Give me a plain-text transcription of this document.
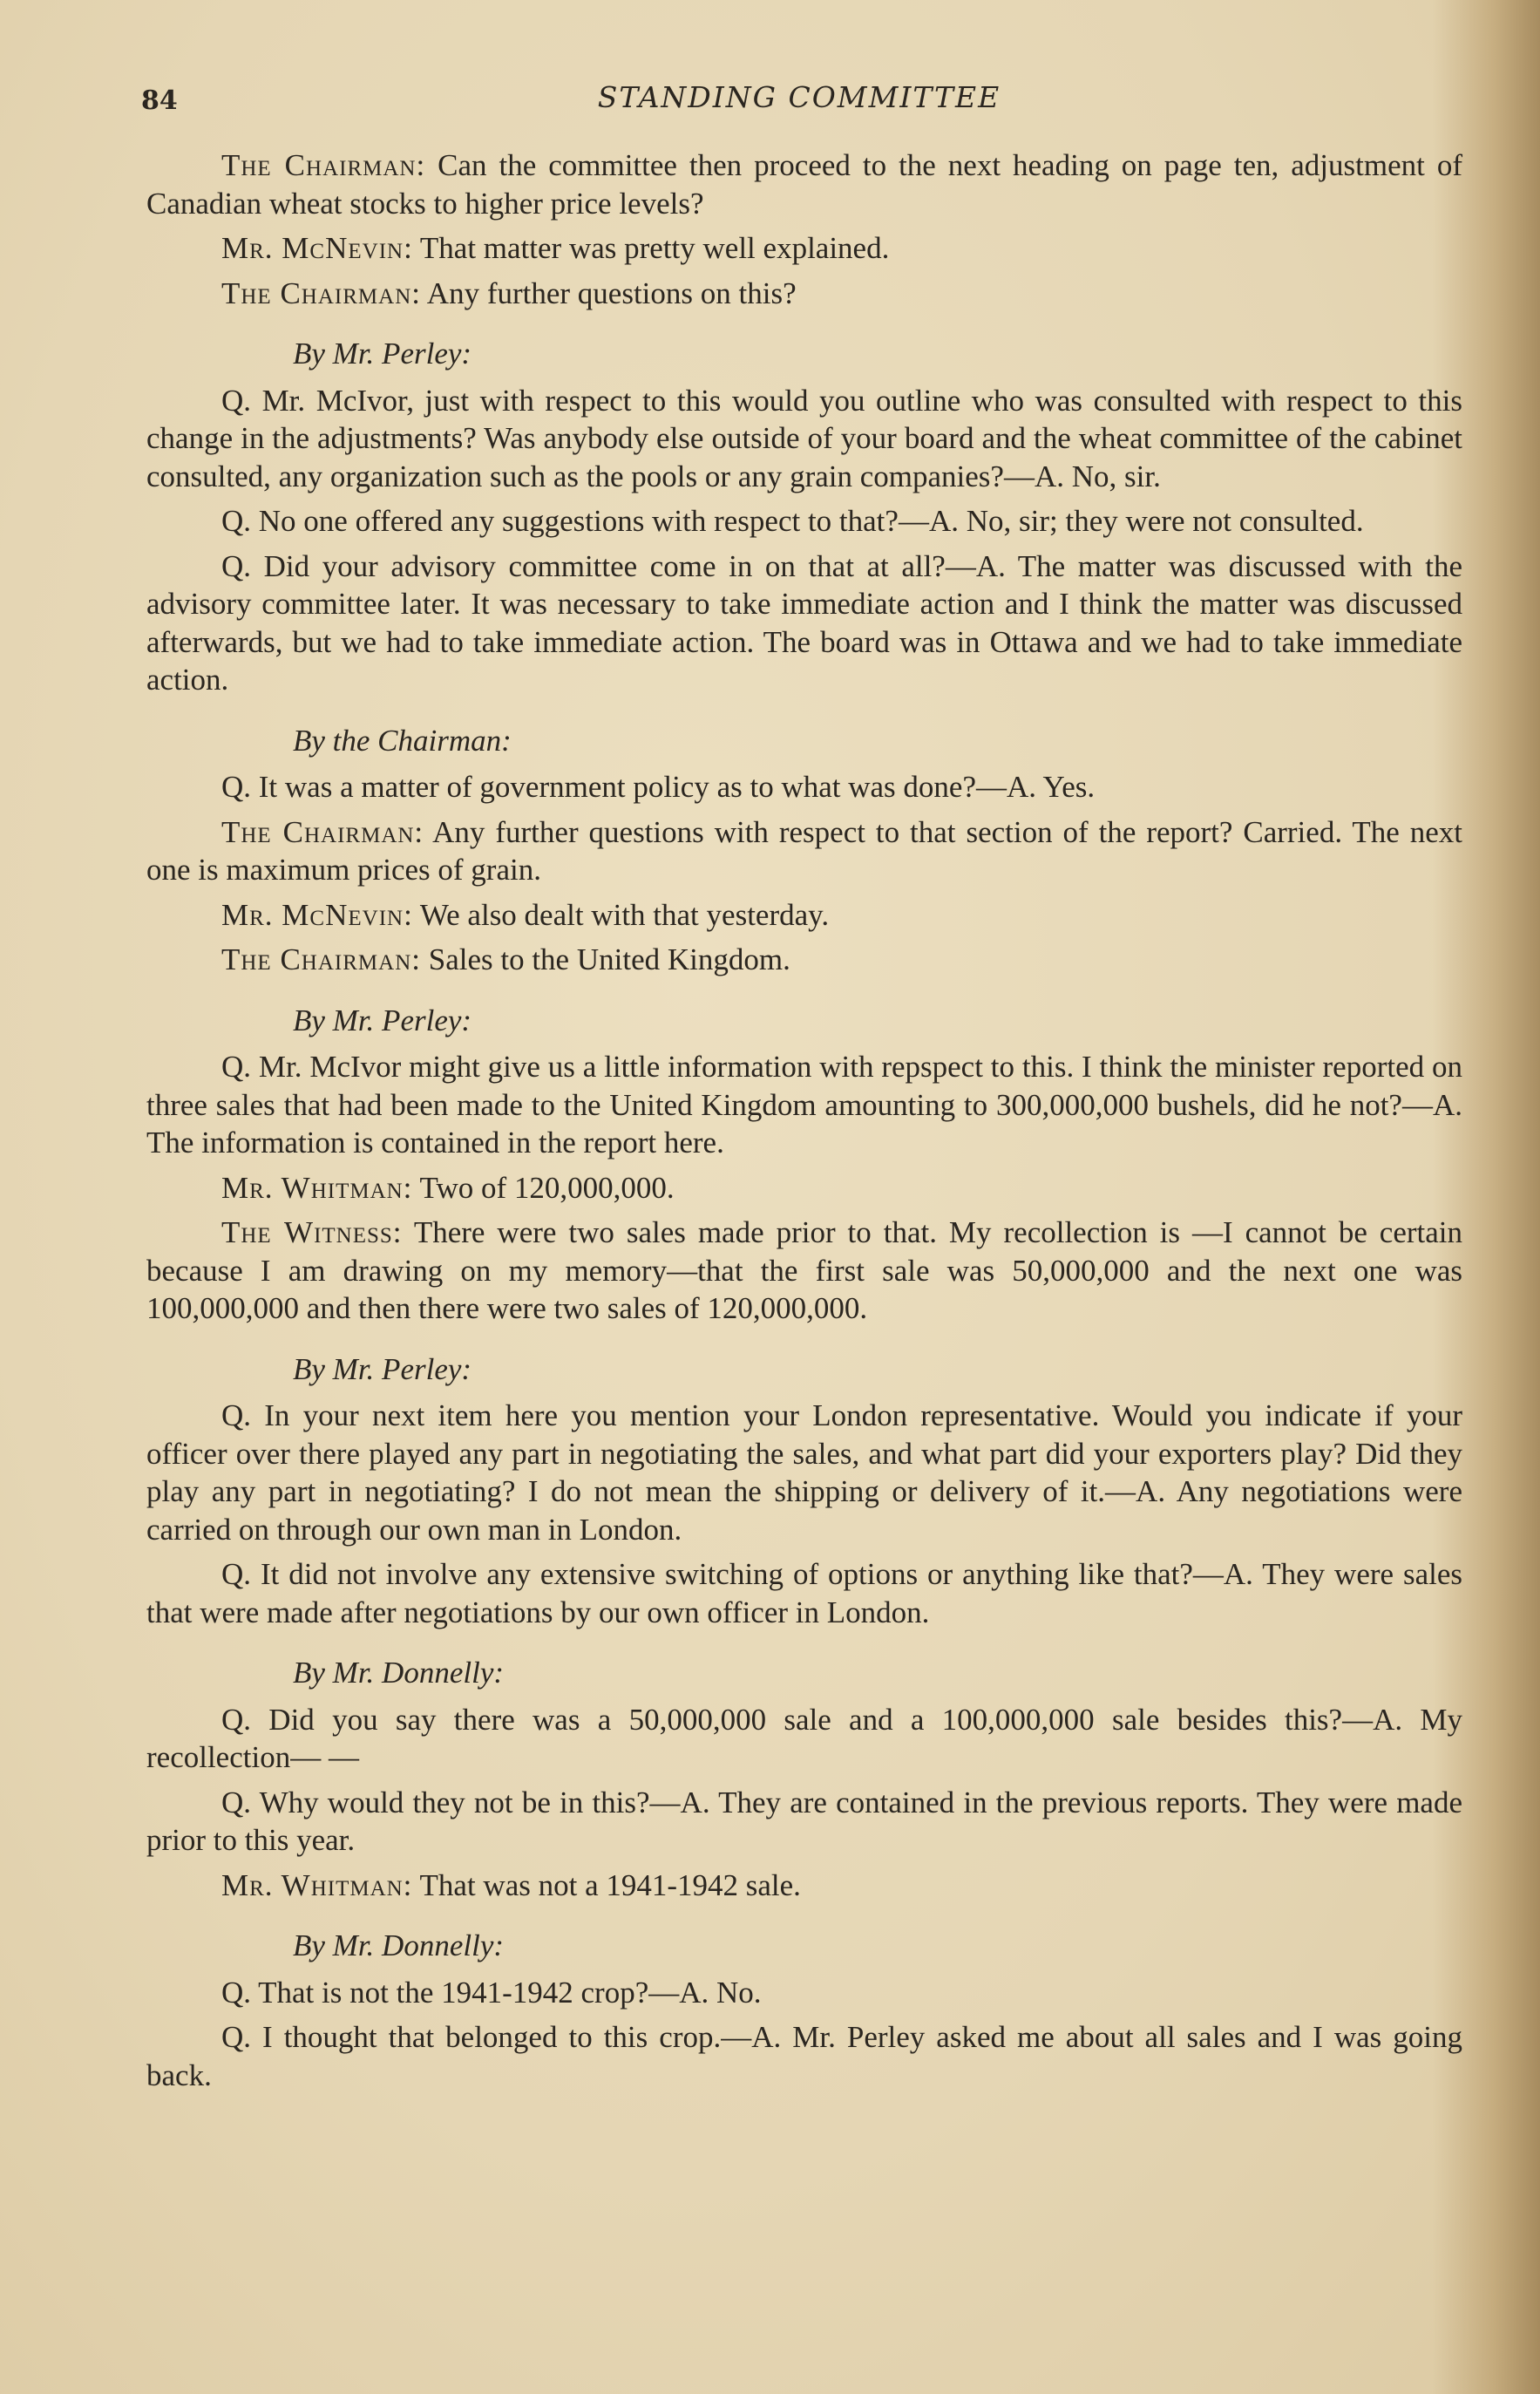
84	STANDING COMMITTEE

The Chairman: Can the committee then proceed to the next heading on page ten, adjustment of Canadian wheat stocks to higher price levels?

Mr. McNevin: That matter was pretty well explained.

The Chairman: Any further questions on this?

By Mr. Perley:

Q. Mr. McIvor, just with respect to this would you outline who was consulted with respect to this change in the adjustments? Was anybody else outside of your board and the wheat committee of the cabinet consulted, any organization such as the pools or any grain companies?—A. No, sir.

Q. No one offered any suggestions with respect to that?—A. No, sir; they were not consulted.

Q. Did your advisory committee come in on that at all?—A. The matter was discussed with the advisory committee later. It was necessary to take immediate action and I think the matter was discussed afterwards, but we had to take immediate action. The board was in Ottawa and we had to take immediate action.

By the Chairman:

Q. It was a matter of government policy as to what was done?—A. Yes.

The Chairman: Any further questions with respect to that section of the report? Carried. The next one is maximum prices of grain.

Mr. McNevin: We also dealt with that yesterday.

The Chairman: Sales to the United Kingdom.

By Mr. Perley:

Q. Mr. McIvor might give us a little information with repspect to this. I think the minister reported on three sales that had been made to the United Kingdom amounting to 300,000,000 bushels, did he not?—A. The information is contained in the report here.

Mr. Whitman: Two of 120,000,000.

The Witness: There were two sales made prior to that. My recollection is —I cannot be certain because I am drawing on my memory—that the first sale was 50,000,000 and the next one was 100,000,000 and then there were two sales of 120,000,000.

By Mr. Perley:

Q. In your next item here you mention your London representative. Would you indicate if your officer over there played any part in negotiating the sales, and what part did your exporters play? Did they play any part in negotiating? I do not mean the shipping or delivery of it.—A. Any negotiations were carried on through our own man in London.

Q. It did not involve any extensive switching of options or anything like that?—A. They were sales that were made after negotiations by our own officer in London.

By Mr. Donnelly:

Q. Did you say there was a 50,000,000 sale and a 100,000,000 sale besides this?—A. My recollection— —

Q. Why would they not be in this?—A. They are contained in the previous reports. They were made prior to this year.

Mr. Whitman: That was not a 1941-1942 sale.

By Mr. Donnelly:

Q. That is not the 1941-1942 crop?—A. No.

Q. I thought that belonged to this crop.—A. Mr. Perley asked me about all sales and I was going back.
